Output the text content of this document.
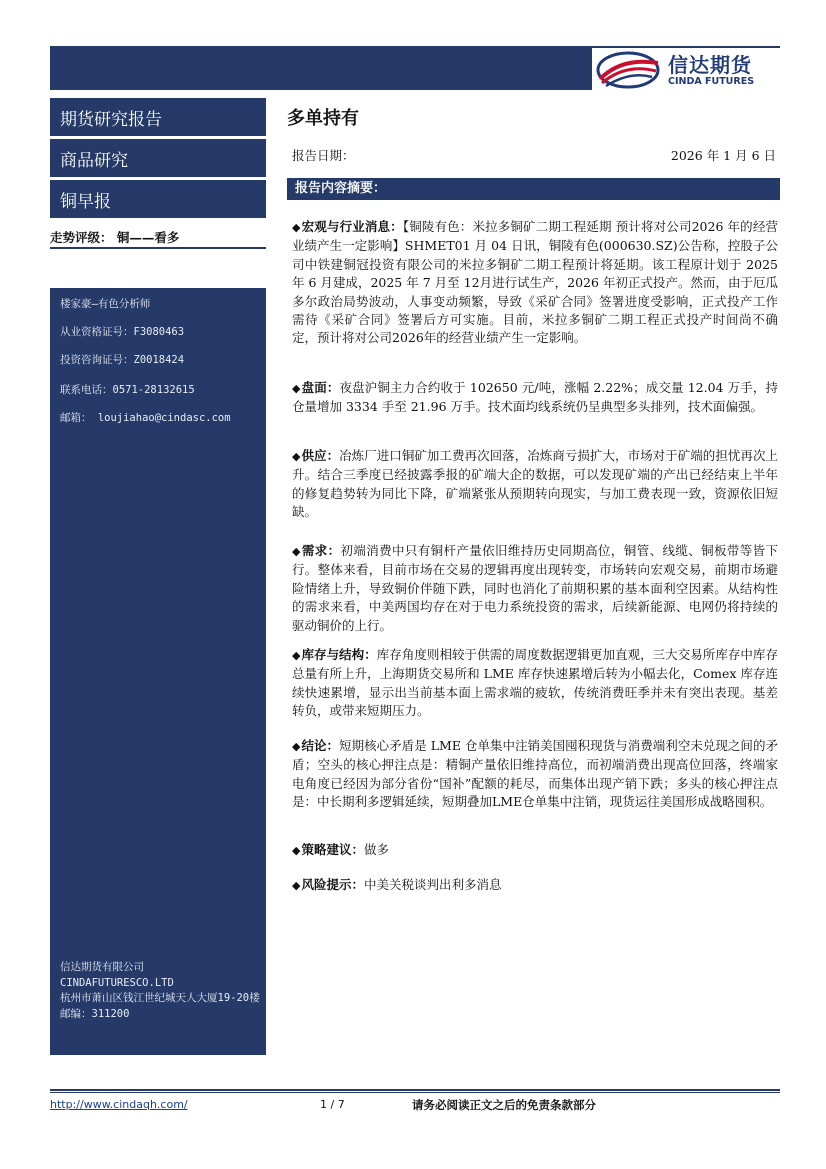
信达期货
CINDA FUTURES
期货研究报告
商品研究
铜早报
走势评级： 铜——看多
楼家豪—有色分析师
从业资格证号：F3080463
投资咨询证号：Z0018424
联系电话：0571-28132615
邮箱： loujiahao@cindasc.com
信达期货有限公司
CINDAFUTURESCO.LTD
杭州市萧山区钱江世纪城天人大厦19-20楼
邮编：311200
多单持有
报告日期：	2026 年 1 月 6 日
报告内容摘要：
◆宏观与行业消息：【铜陵有色：米拉多铜矿二期工程延期 预计将对公司2026 年的经营业绩产生一定影响】SHMET01 月 04 日讯，铜陵有色(000630.SZ)公告称，控股子公司中铁建铜冠投资有限公司的米拉多铜矿二期工程预计将延期。该工程原计划于 2025 年 6 月建成，2025 年 7 月至 12月进行试生产，2026 年初正式投产。然而，由于厄瓜多尔政治局势波动，人事变动频繁，导致《采矿合同》签署进度受影响，正式投产工作需待《采矿合同》签署后方可实施。目前，米拉多铜矿二期工程正式投产时间尚不确定，预计将对公司2026年的经营业绩产生一定影响。
◆盘面：夜盘沪铜主力合约收于 102650 元/吨，涨幅 2.22%；成交量 12.04 万手，持仓量增加 3334 手至 21.96 万手。技术面均线系统仍呈典型多头排列，技术面偏强。
◆供应：冶炼厂进口铜矿加工费再次回落，冶炼商亏损扩大，市场对于矿端的担忧再次上升。结合三季度已经披露季报的矿端大企的数据，可以发现矿端的产出已经结束上半年的修复趋势转为同比下降，矿端紧张从预期转向现实，与加工费表现一致，资源依旧短缺。
◆需求：初端消费中只有铜杆产量依旧维持历史同期高位，铜管、线缆、铜板带等皆下行。整体来看，目前市场在交易的逻辑再度出现转变，市场转向宏观交易，前期市场避险情绪上升，导致铜价伴随下跌，同时也消化了前期积累的基本面利空因素。从结构性的需求来看，中美两国均存在对于电力系统投资的需求，后续新能源、电网仍将持续的驱动铜价的上行。
◆库存与结构：库存角度则相较于供需的周度数据逻辑更加直观，三大交易所库存中库存总量有所上升，上海期货交易所和 LME 库存快速累增后转为小幅去化，Comex 库存连续快速累增，显示出当前基本面上需求端的疲软，传统消费旺季并未有突出表现。基差转负，或带来短期压力。
◆结论：短期核心矛盾是 LME 仓单集中注销美国囤积现货与消费端利空未兑现之间的矛盾；空头的核心押注点是：精铜产量依旧维持高位，而初端消费出现高位回落，终端家电角度已经因为部分省份“国补”配额的耗尽，而集体出现产销下跌；多头的核心押注点是：中长期利多逻辑延续，短期叠加LME仓单集中注销，现货运往美国形成战略囤积。
◆策略建议：做多
◆风险提示：中美关税谈判出利多消息
http://www.cindaqh.com/	1 / 7	请务必阅读正文之后的免责条款部分
